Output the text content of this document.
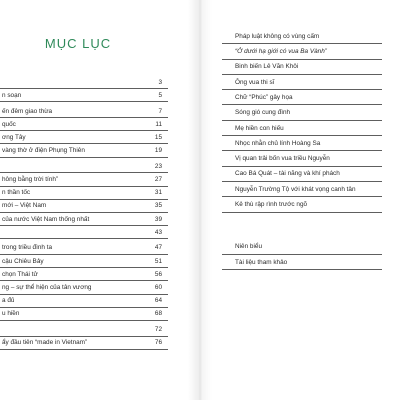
MỤC LỤC
3
n soạn	5
ến đêm giao thừa	7
quốc	11
ơng Tây	15
vàng thờ ở điện Phụng Thiên	19
23
hông bằng trời tính”	27
n thần tốc	31
mới – Việt Nam	35
của nước Việt Nam thống nhất	39
43
trong triều đình ta	47
cậu Chiêu Bảy	51
chọn Thái tử	56
ng – sự thể hiện của tân vương	60
a đủ	64
u hiền	68
72
ẩy đầu tiên “made in Vietnam”	76
Pháp luật không có vùng cấm
“Ở dưới hạ giới có vua Ba Vành”
Binh biến Lê Văn Khôi
Ông vua thi sĩ
Chữ “Phúc” gây họa
Sóng gió cung đình
Mẹ hiền con hiếu
Nhọc nhằn chủ lính Hoàng Sa
Vị quan trải bốn vua triều Nguyễn
Cao Bá Quát – tài năng và khí phách
Nguyễn Trường Tộ với khát vọng canh tân
Kẻ thù rập rình trước ngõ
Niên biểu
Tài liệu tham khảo
